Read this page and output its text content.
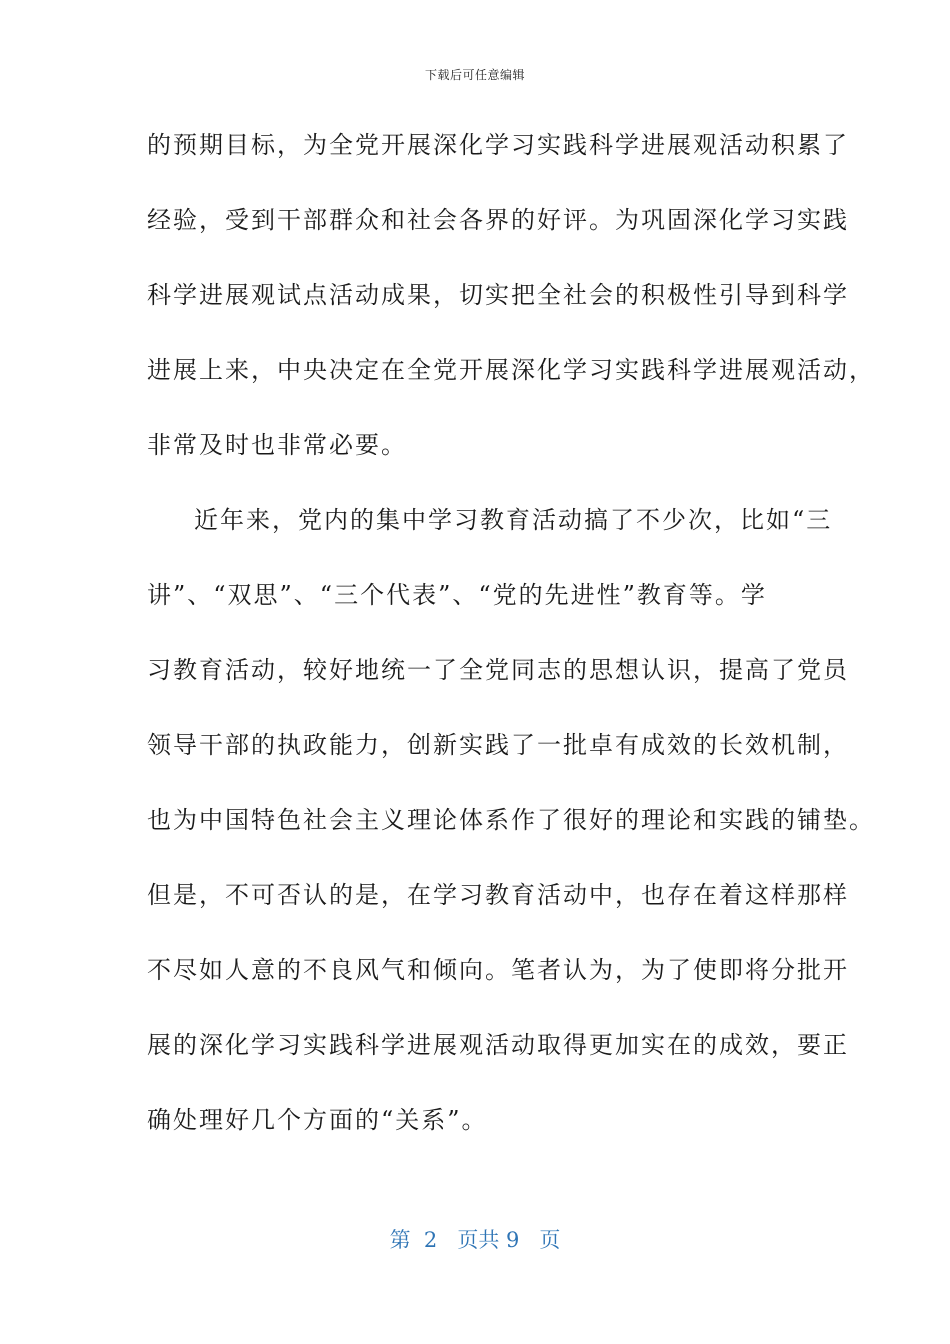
下载后可任意编辑
的预期目标，为全党开展深化学习实践科学进展观活动积累了
经验，受到干部群众和社会各界的好评。为巩固深化学习实践
科学进展观试点活动成果，切实把全社会的积极性引导到科学
进展上来，中央决定在全党开展深化学习实践科学进展观活动，
非常及时也非常必要。
近年来，党内的集中学习教育活动搞了不少次，比如“三
讲”、“双思”、“三个代表”、“党的先进性”教育等。学
习教育活动，较好地统一了全党同志的思想认识，提高了党员
领导干部的执政能力，创新实践了一批卓有成效的长效机制，
也为中国特色社会主义理论体系作了很好的理论和实践的铺垫。
但是，不可否认的是，在学习教育活动中，也存在着这样那样
不尽如人意的不良风气和倾向。笔者认为，为了使即将分批开
展的深化学习实践科学进展观活动取得更加实在的成效，要正
确处理好几个方面的“关系”。
第 2 页共 9 页
